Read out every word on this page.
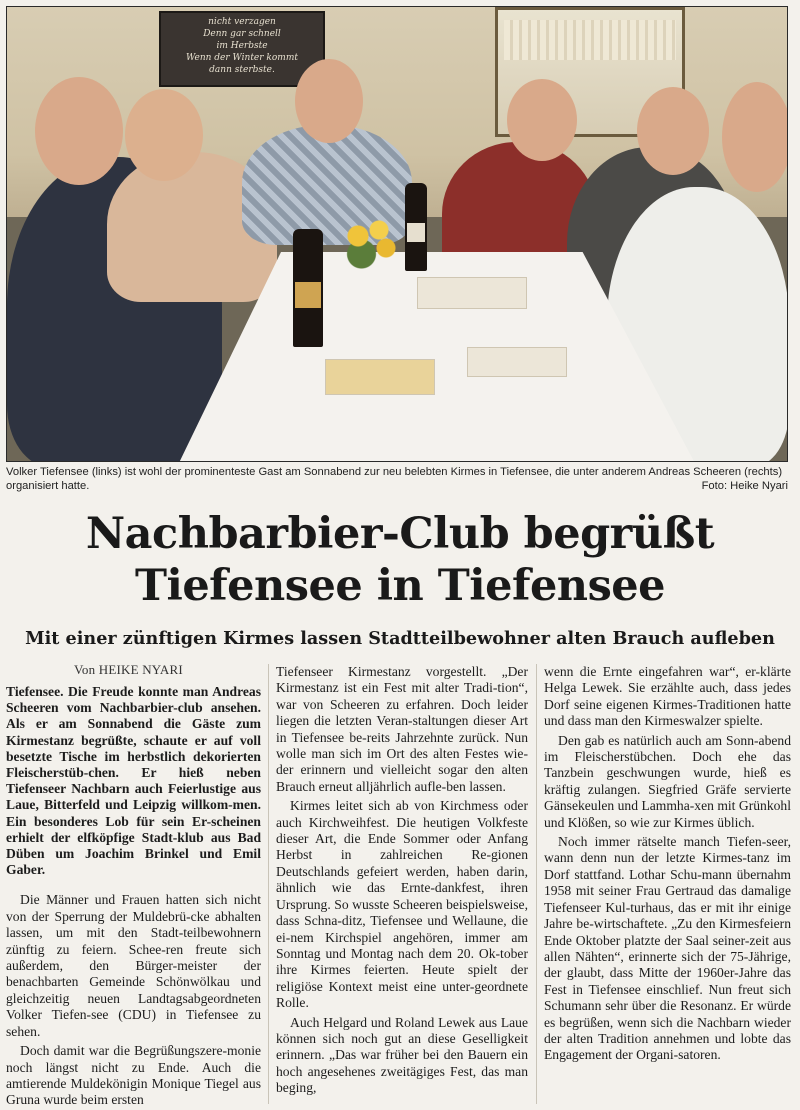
nicht verzagen
Denn gar schnell
im Herbste
Wenn der Winter kommt
dann sterbste.
Volker Tiefensee (links) ist wohl der prominenteste Gast am Sonnabend zur neu belebten Kirmes in Tiefensee, die unter anderem Andreas Scheeren (rechts) organisiert hatte.	Foto: Heike Nyari
Nachbarbier-Club begrüßt
Tiefensee in Tiefensee
Mit einer zünftigen Kirmes lassen Stadtteilbewohner alten Brauch aufleben
Von HEIKE NYARI

Tiefensee. Die Freude konnte man Andreas Scheeren vom Nachbarbier-club ansehen. Als er am Sonnabend die Gäste zum Kirmestanz begrüßte, schaute er auf voll besetzte Tische im herbstlich dekorierten Fleischerstüb-chen. Er hieß neben Tiefenseer Nachbarn auch Feierlustige aus Laue, Bitterfeld und Leipzig willkom-men. Ein besonderes Lob für sein Er-scheinen erhielt der elfköpfige Stadt-klub aus Bad Düben um Joachim Brinkel und Emil Gaber.

Die Männer und Frauen hatten sich nicht von der Sperrung der Muldebrü-cke abhalten lassen, um mit den Stadt-teilbewohnern zünftig zu feiern. Schee-ren freute sich außerdem, den Bürger-meister der benachbarten Gemeinde Schönwölkau und gleichzeitig neuen Landtagsabgeordneten Volker Tiefen-see (CDU) in Tiefensee zu sehen.

Doch damit war die Begrüßungszere-monie noch längst nicht zu Ende. Auch die amtierende Muldekönigin Monique Tiegel aus Gruna wurde beim ersten

Tiefenseer Kirmestanz vorgestellt. „Der Kirmestanz ist ein Fest mit alter Tradi-tion“, war von Scheeren zu erfahren. Doch leider liegen die letzten Veran-staltungen dieser Art in Tiefensee be-reits Jahrzehnte zurück. Nun wolle man sich im Ort des alten Festes wie-der erinnern und vielleicht sogar den alten Brauch erneut alljährlich aufle-ben lassen.

Kirmes leitet sich ab von Kirchmess oder auch Kirchweihfest. Die heutigen Volkfeste dieser Art, die Ende Sommer oder Anfang Herbst in zahlreichen Re-gionen Deutschlands gefeiert werden, haben darin, ähnlich wie das Ernte-dankfest, ihren Ursprung. So wusste Scheeren beispielsweise, dass Schna-ditz, Tiefensee und Wellaune, die ei-nem Kirchspiel angehören, immer am Sonntag und Montag nach dem 20. Ok-tober ihre Kirmes feierten. Heute spielt der religiöse Kontext meist eine unter-geordnete Rolle.

Auch Helgard und Roland Lewek aus Laue können sich noch gut an diese Geselligkeit erinnern. „Das war früher bei den Bauern ein hoch angesehenes zweitägiges Fest, das man beging,

wenn die Ernte eingefahren war“, er-klärte Helga Lewek. Sie erzählte auch, dass jedes Dorf seine eigenen Kirmes-Traditionen hatte und dass man den Kirmeswalzer spielte.

Den gab es natürlich auch am Sonn-abend im Fleischerstübchen. Doch ehe das Tanzbein geschwungen wurde, hieß es kräftig zulangen. Siegfried Gräfe servierte Gänsekeulen und Lammha-xen mit Grünkohl und Klößen, so wie zur Kirmes üblich.

Noch immer rätselte manch Tiefen-seer, wann denn nun der letzte Kirmes-tanz im Dorf stattfand. Lothar Schu-mann übernahm 1958 mit seiner Frau Gertraud das damalige Tiefenseer Kul-turhaus, das er mit ihr einige Jahre be-wirtschaftete. „Zu den Kirmesfeiern Ende Oktober platzte der Saal seiner-zeit aus allen Nähten“, erinnerte sich der 75-Jährige, der glaubt, dass Mitte der 1960er-Jahre das Fest in Tiefensee einschlief. Nun freut sich Schumann sehr über die Resonanz. Er würde es begrüßen, wenn sich die Nachbarn wieder der alten Tradition annehmen und lobte das Engagement der Organi-satoren.
